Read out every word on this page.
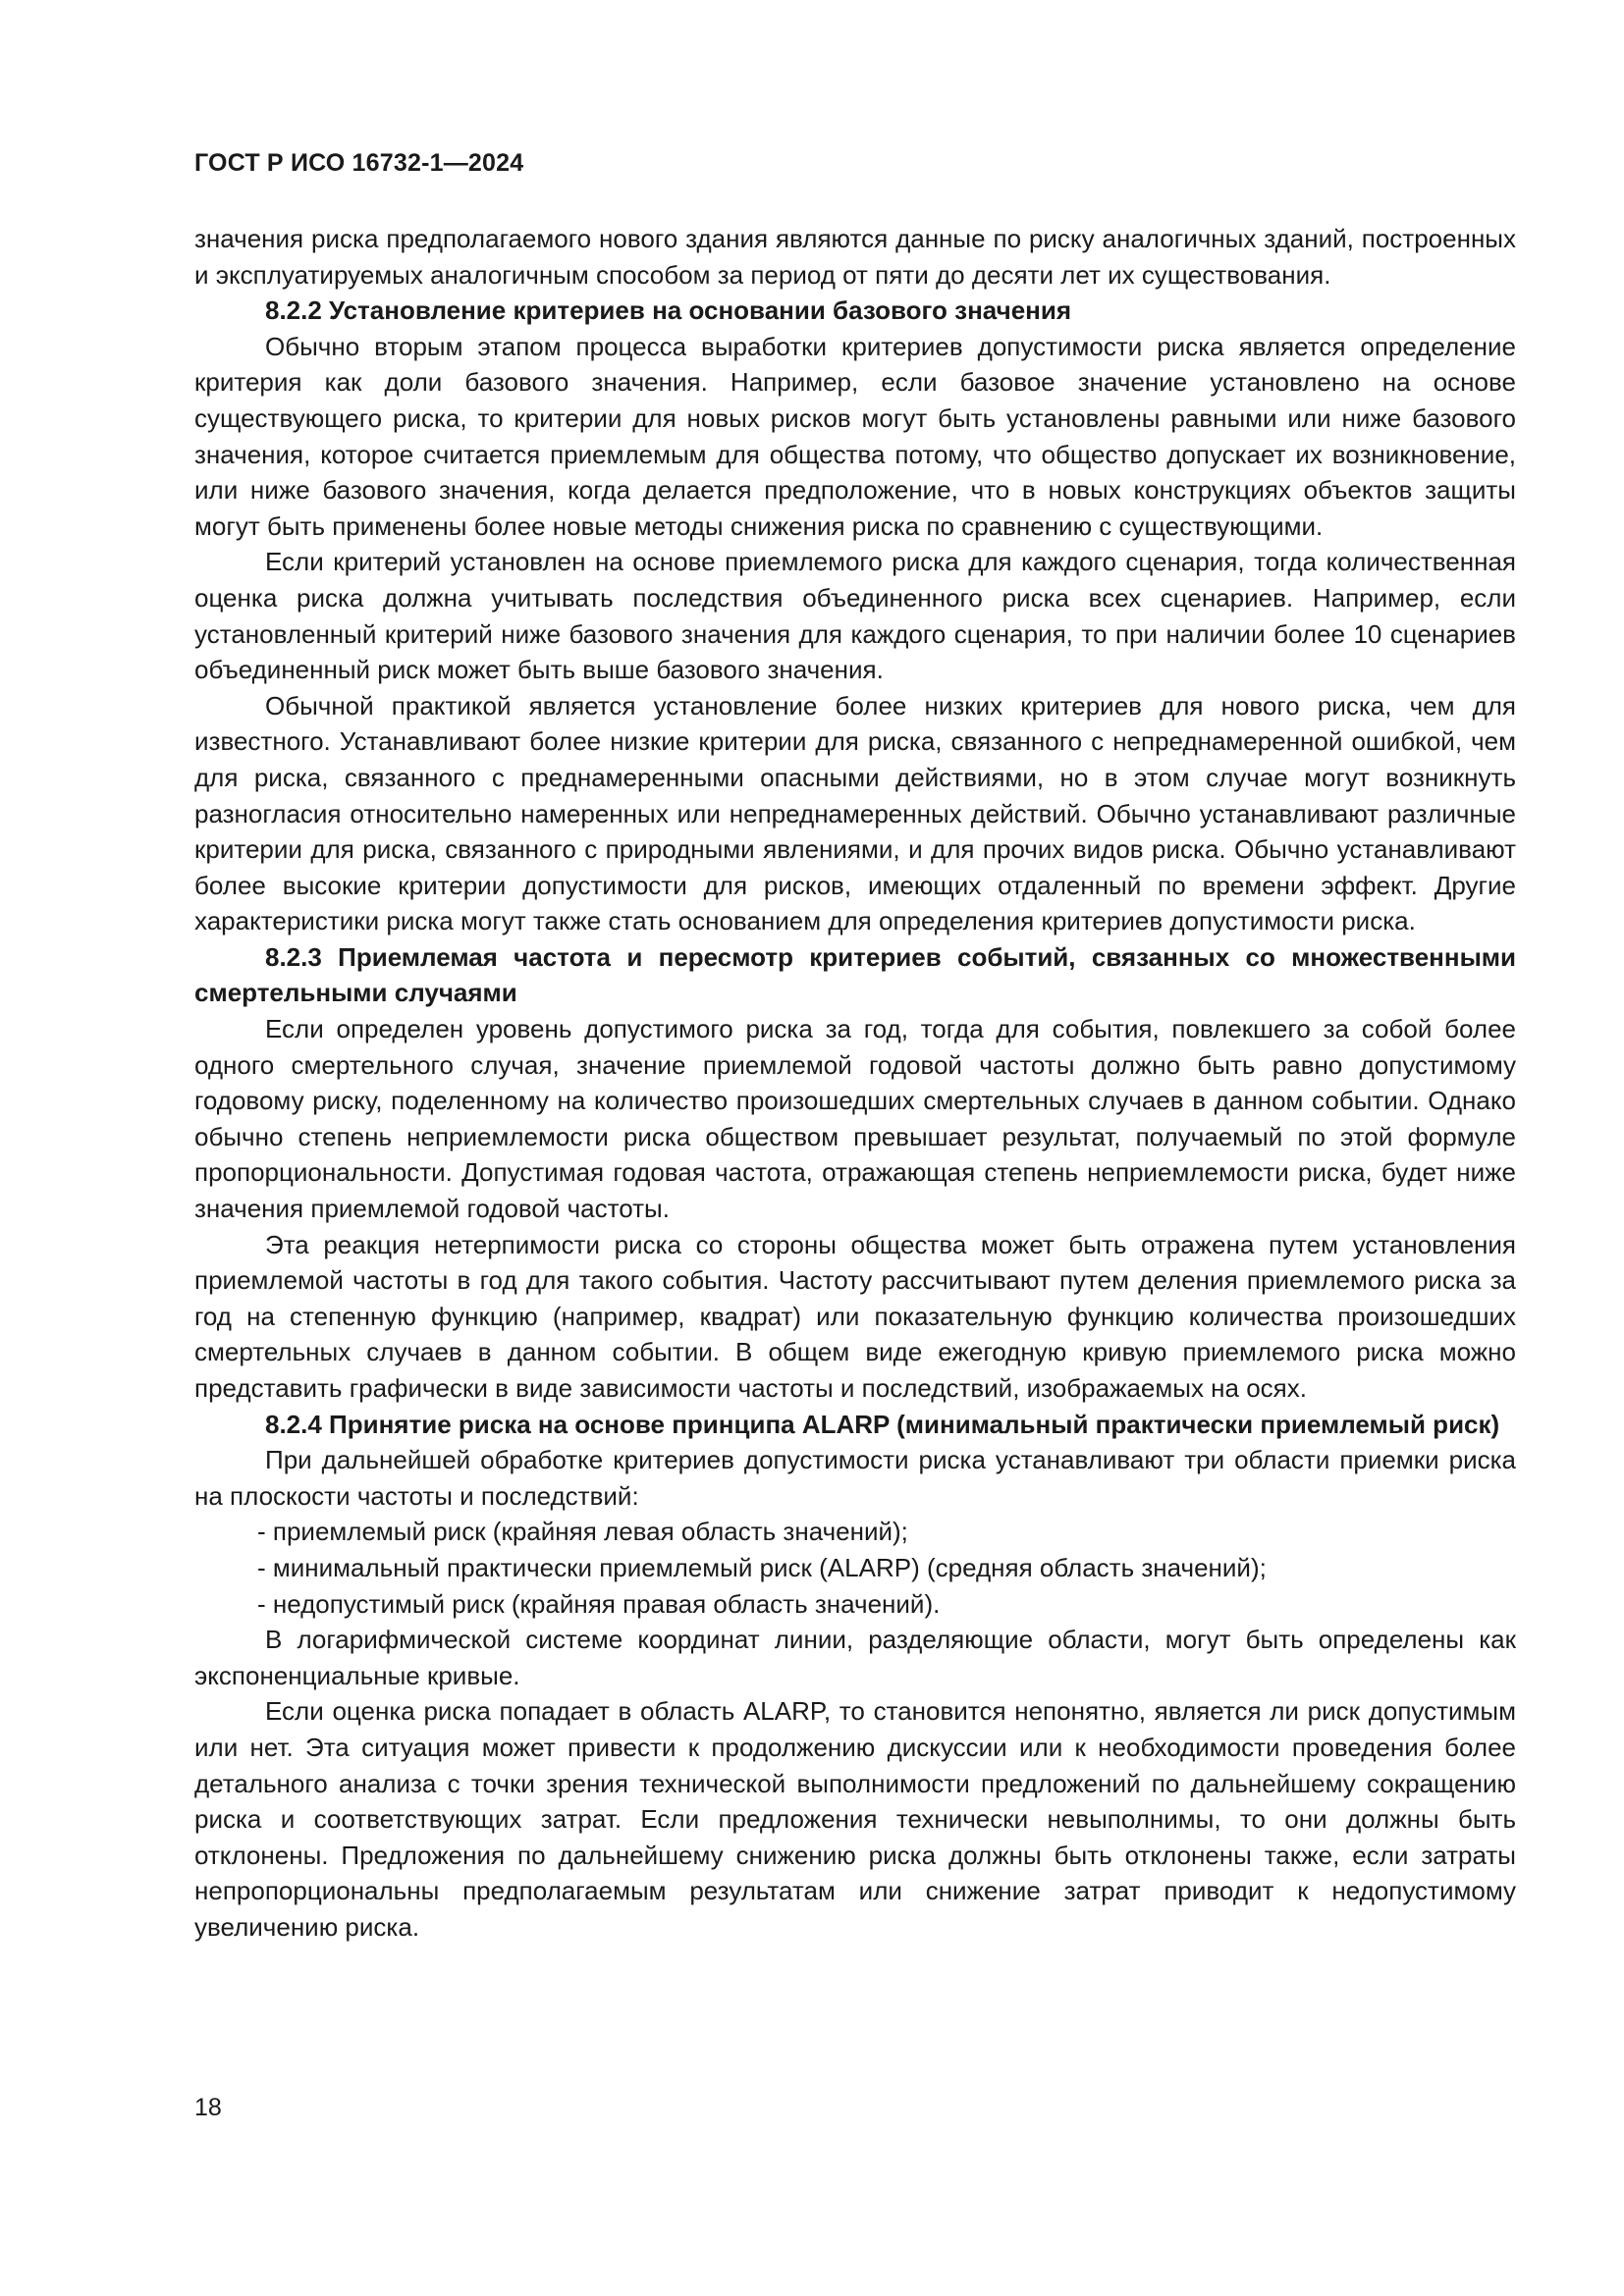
ГОСТ Р ИСО 16732-1—2024

значения риска предполагаемого нового здания являются данные по риску аналогичных зданий, построенных и эксплуатируемых аналогичным способом за период от пяти до десяти лет их существования.

8.2.2 Установление критериев на основании базового значения

Обычно вторым этапом процесса выработки критериев допустимости риска является определение критерия как доли базового значения. Например, если базовое значение установлено на основе существующего риска, то критерии для новых рисков могут быть установлены равными или ниже базового значения, которое считается приемлемым для общества потому, что общество допускает их возникновение, или ниже базового значения, когда делается предположение, что в новых конструкциях объектов защиты могут быть применены более новые методы снижения риска по сравнению с существующими.

Если критерий установлен на основе приемлемого риска для каждого сценария, тогда количественная оценка риска должна учитывать последствия объединенного риска всех сценариев. Например, если установленный критерий ниже базового значения для каждого сценария, то при наличии более 10 сценариев объединенный риск может быть выше базового значения.

Обычной практикой является установление более низких критериев для нового риска, чем для известного. Устанавливают более низкие критерии для риска, связанного с непреднамеренной ошибкой, чем для риска, связанного с преднамеренными опасными действиями, но в этом случае могут возникнуть разногласия относительно намеренных или непреднамеренных действий. Обычно устанавливают различные критерии для риска, связанного с природными явлениями, и для прочих видов риска. Обычно устанавливают более высокие критерии допустимости для рисков, имеющих отдаленный по времени эффект. Другие характеристики риска могут также стать основанием для определения критериев допустимости риска.

8.2.3 Приемлемая частота и пересмотр критериев событий, связанных со множественными смертельными случаями

Если определен уровень допустимого риска за год, тогда для события, повлекшего за собой более одного смертельного случая, значение приемлемой годовой частоты должно быть равно допустимому годовому риску, поделенному на количество произошедших смертельных случаев в данном событии. Однако обычно степень неприемлемости риска обществом превышает результат, получаемый по этой формуле пропорциональности. Допустимая годовая частота, отражающая степень неприемлемости риска, будет ниже значения приемлемой годовой частоты.

Эта реакция нетерпимости риска со стороны общества может быть отражена путем установления приемлемой частоты в год для такого события. Частоту рассчитывают путем деления приемлемого риска за год на степенную функцию (например, квадрат) или показательную функцию количества произошедших смертельных случаев в данном событии. В общем виде ежегодную кривую приемлемого риска можно представить графически в виде зависимости частоты и последствий, изображаемых на осях.

8.2.4 Принятие риска на основе принципа ALARP (минимальный практически приемлемый риск)

При дальнейшей обработке критериев допустимости риска устанавливают три области приемки риска на плоскости частоты и последствий:

- приемлемый риск (крайняя левая область значений);

- минимальный практически приемлемый риск (ALARP) (средняя область значений);

- недопустимый риск (крайняя правая область значений).

В логарифмической системе координат линии, разделяющие области, могут быть определены как экспоненциальные кривые.

Если оценка риска попадает в область ALARP, то становится непонятно, является ли риск допустимым или нет. Эта ситуация может привести к продолжению дискуссии или к необходимости проведения более детального анализа с точки зрения технической выполнимости предложений по дальнейшему сокращению риска и соответствующих затрат. Если предложения технически невыполнимы, то они должны быть отклонены. Предложения по дальнейшему снижению риска должны быть отклонены также, если затраты непропорциональны предполагаемым результатам или снижение затрат приводит к недопустимому увеличению риска.

18
